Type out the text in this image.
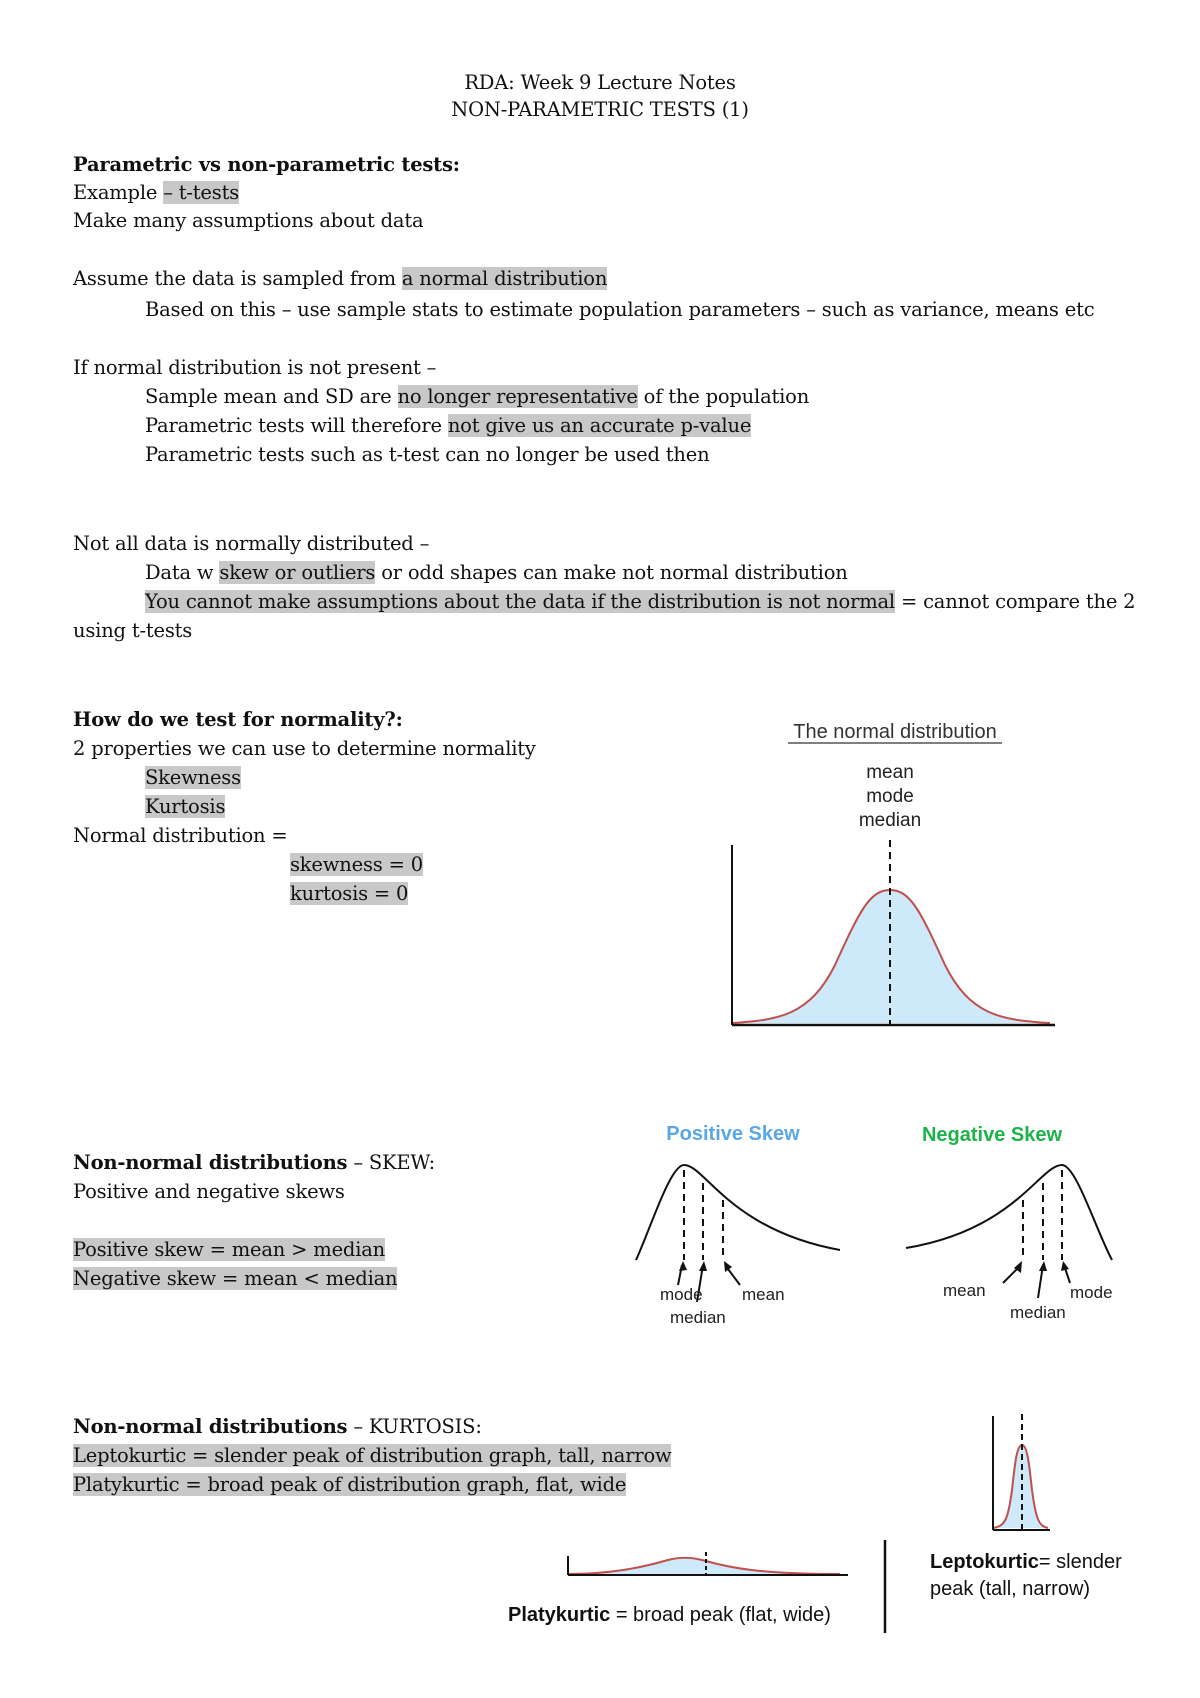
RDA: Week 9 Lecture Notes
NON-PARAMETRIC TESTS (1)
Parametric vs non-parametric tests:
Example – t-tests
Make many assumptions about data
Assume the data is sampled from a normal distribution
Based on this – use sample stats to estimate population parameters – such as variance, means etc
If normal distribution is not present –
Sample mean and SD are no longer representative of the population
Parametric tests will therefore not give us an accurate p-value
Parametric tests such as t-test can no longer be used then
Not all data is normally distributed –
Data w skew or outliers or odd shapes can make not normal distribution
You cannot make assumptions about the data if the distribution is not normal = cannot compare the 2
using t-tests
How do we test for normality?:
2 properties we can use to determine normality
Skewness
Kurtosis
Normal distribution =
skewness = 0
kurtosis = 0
Non-normal distributions – SKEW:
Positive and negative skews
Positive skew = mean > median
Negative skew = mean < median
Non-normal distributions – KURTOSIS:
Leptokurtic = slender peak of distribution graph, tall, narrow
Platykurtic = broad peak of distribution graph, flat, wide
The normal distribution
mean
mode
median
Positive Skew	Negative Skew
mode
median
mean	mean
median
mode
Platykurtic = broad peak (flat, wide)
Leptokurtic= slender
peak (tall, narrow)
